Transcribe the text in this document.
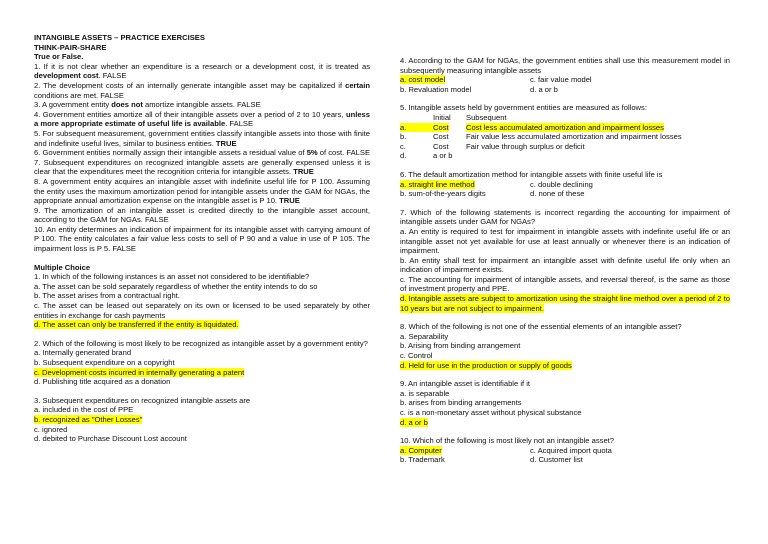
INTANGIBLE ASSETS – PRACTICE EXERCISES
THINK-PAIR-SHARE
True or False.
1. If it is not clear whether an expenditure is a research or a development cost, it is treated as development cost. FALSE
2. The development costs of an internally generate intangible asset may be capitalized if certain conditions are met. FALSE
3. A government entity does not amortize intangible assets. FALSE
4. Government entities amortize all of their intangible assets over a period of 2 to 10 years, unless a more appropriate estimate of useful life is available. FALSE
5. For subsequent measurement, government entities classify intangible assets into those with finite and indefinite useful lives, similar to business entities. TRUE
6. Government entities normally assign their intangible assets a residual value of 5% of cost. FALSE
7. Subsequent expenditures on recognized intangible assets are generally expensed unless it is clear that the expenditures meet the recognition criteria for intangible assets. TRUE
8. A government entity acquires an intangible asset with indefinite useful life for P 100. Assuming the entity uses the maximum amortization period for intangible assets under the GAM for NGAs, the appropriate annual amortization expense on the intangible asset is P 10. TRUE
9. The amortization of an intangible asset is credited directly to the intangible asset account, according to the GAM for NGAs. FALSE
10. An entity determines an indication of impairment for its intangible asset with carrying amount of P 100. The entity calculates a fair value less costs to sell of P 90 and a value in use of P 105. The impairment loss is P 5. FALSE
Multiple Choice
1. In which of the following instances is an asset not considered to be identifiable?
a. The asset can be sold separately regardless of whether the entity intends to do so
b. The asset arises from a contractual right.
c. The asset can be leased out separately on its own or licensed to be used separately by other entities in exchange for cash payments
d. The asset can only be transferred if the entity is liquidated.
2. Which of the following is most likely to be recognized as intangible asset by a government entity?
a. Internally generated brand
b. Subsequent expenditure on a copyright
c. Development costs incurred in internally generating a patent
d. Publishing title acquired as a donation
3. Subsequent expenditures on recognized intangible assets are
a. included in the cost of PPE
b. recognized as "Other Losses"
c. ignored
d. debited to Purchase Discount Lost account
4. According to the GAM for NGAs, the government entities shall use this measurement model in subsequently measuring intangible assets
a. cost model	c. fair value model
b. Revaluation model	d. a or b
5. Intangible assets held by government entities are measured as follows:
Initial	Subsequent
a.	Cost	Cost less accumulated amortization and impairment losses
b.	Cost	Fair value less accumulated amortization and impairment losses
c.	Cost	Fair value through surplus or deficit
d.	a or b
6. The default amortization method for intangible assets with finite useful life is
a. straight line method	c. double declining
b. sum-of-the-years digits	d. none of these
7. Which of the following statements is incorrect regarding the accounting for impairment of intangible assets under GAM for NGAs?
a. An entity is required to test for impairment in intangible assets with indefinite useful life or an intangible asset not yet available for use at least annually or whenever there is an indication of impairment.
b. An entity shall test for impairment an intangible asset with definite useful life only when an indication of impairment exists.
c. The accounting for impairment of intangible assets, and reversal thereof, is the same as those of investment property and PPE.
d. Intangible assets are subject to amortization using the straight line method over a period of 2 to 10 years but are not subject to impairment.
8. Which of the following is not one of the essential elements of an intangible asset?
a. Separability
b. Arising from binding arrangement
c. Control
d. Held for use in the production or supply of goods
9. An intangible asset is identifiable if it
a. is separable
b. arises from binding arrangements
c. is a non-monetary asset without physical substance
d. a or b
10. Which of the following is most likely not an intangible asset?
a. Computer	c. Acquired import quota
b. Trademark	d. Customer list
